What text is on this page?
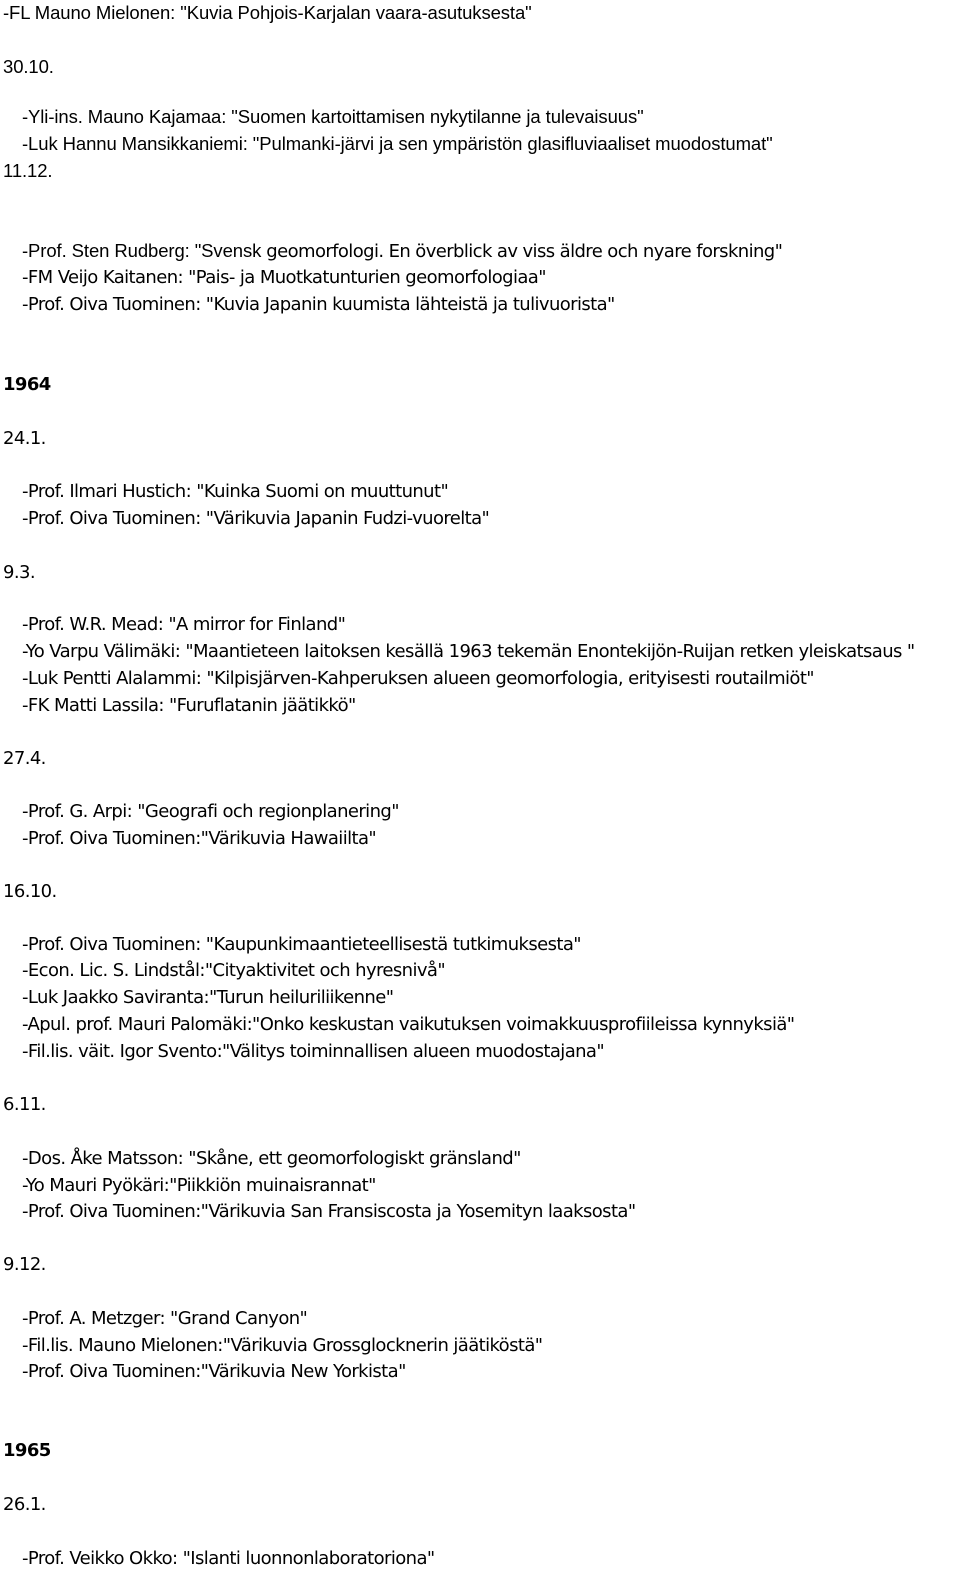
-FL Mauno Mielonen: "Kuvia Pohjois-Karjalan vaara-asutuksesta"
30.10.
-Yli-ins. Mauno Kajamaa: "Suomen kartoittamisen nykytilanne ja tulevaisuus"
-Luk Hannu Mansikkaniemi: "Pulmanki-järvi ja sen ympäristön glasifluviaaliset muodostumat"
11.12.
-Prof. Sten Rudberg: "Svensk geomorfologi. En överblick av viss äldre och nyare forskning"
-FM Veijo Kaitanen: "Pais- ja Muotkatunturien geomorfologiaa"
-Prof. Oiva Tuominen: "Kuvia Japanin kuumista lähteistä ja tulivuorista"
1964
24.1.
-Prof. Ilmari Hustich: "Kuinka Suomi on muuttunut"
-Prof. Oiva Tuominen: "Värikuvia Japanin Fudzi-vuorelta"
9.3.
-Prof. W.R. Mead: "A mirror for Finland"
-Yo Varpu Välimäki: "Maantieteen laitoksen kesällä 1963 tekemän Enontekijön-Ruijan retken yleiskatsaus "
-Luk Pentti Alalammi: "Kilpisjärven-Kahperuksen alueen geomorfologia, erityisesti routailmiöt"
-FK Matti Lassila: "Furuflatanin jäätikkö"
27.4.
-Prof. G. Arpi: "Geografi och regionplanering"
-Prof. Oiva Tuominen:"Värikuvia Hawaiilta"
16.10.
-Prof. Oiva Tuominen: "Kaupunkimaantieteellisestä tutkimuksesta"
-Econ. Lic. S. Lindstål:"Cityaktivitet och hyresnivå"
-Luk Jaakko Saviranta:"Turun heiluriliikenne"
-Apul. prof. Mauri Palomäki:"Onko keskustan vaikutuksen voimakkuusprofiileissa kynnyksiä"
-Fil.lis. väit. Igor Svento:"Välitys toiminnallisen alueen muodostajana"
6.11.
-Dos. Åke Matsson: "Skåne, ett geomorfologiskt gränsland"
-Yo Mauri Pyökäri:"Piikkiön muinaisrannat"
-Prof. Oiva Tuominen:"Värikuvia San Fransiscosta ja Yosemityn laaksosta"
9.12.
-Prof. A. Metzger: "Grand Canyon"
-Fil.lis. Mauno Mielonen:"Värikuvia Grossglocknerin jäätiköstä"
-Prof. Oiva Tuominen:"Värikuvia New Yorkista"
1965
26.1.
-Prof. Veikko Okko: "Islanti luonnonlaboratoriona"
